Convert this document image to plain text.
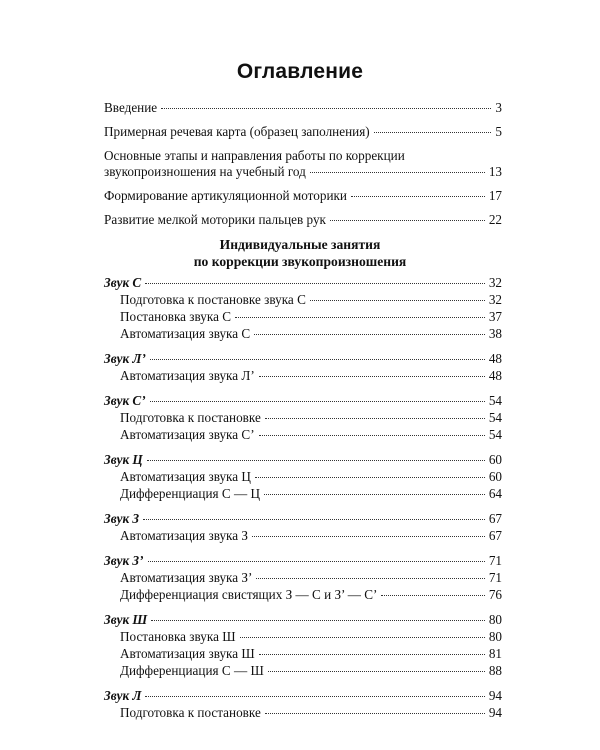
Оглавление
Введение	3
Примерная речевая карта (образец заполнения)	5
Основные этапы и направления работы по коррекции
звукопроизношения на учебный год	13
Формирование артикуляционной моторики	17
Развитие мелкой моторики пальцев рук	22
Индивидуальные занятия
по коррекции звукопроизношения
Звук С	32
Подготовка к постановке звука С	32
Постановка звука С	37
Автоматизация звука С	38
Звук Л’	48
Автоматизация звука Л’	48
Звук С’	54
Подготовка к постановке	54
Автоматизация звука С’	54
Звук Ц	60
Автоматизация звука Ц	60
Дифференциация С — Ц	64
Звук З	67
Автоматизация звука З	67
Звук З’	71
Автоматизация звука З’	71
Дифференциация свистящих З — С и З’ — С’	76
Звук Ш	80
Постановка звука Ш	80
Автоматизация звука Ш	81
Дифференциация С — Ш	88
Звук Л	94
Подготовка к постановке	94
